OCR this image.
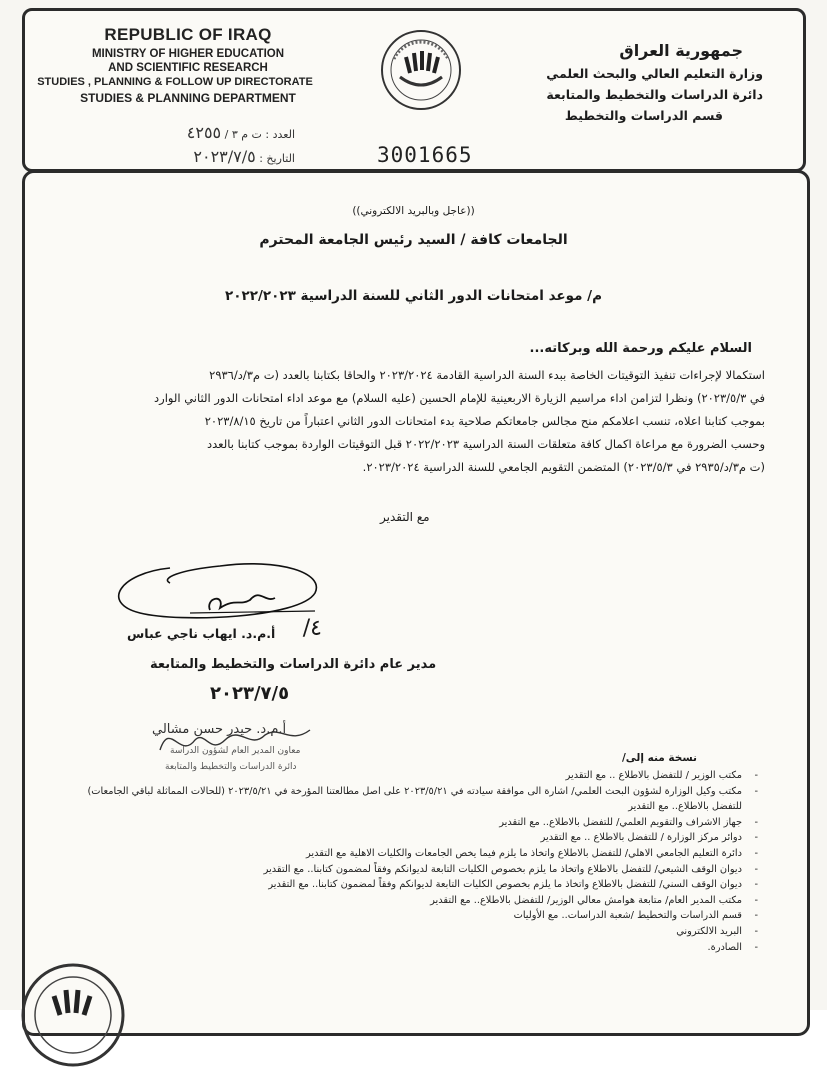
REPUBLIC OF IRAQ
MINISTRY OF HIGHER EDUCATION
AND SCIENTIFIC RESEARCH
STUDIES , PLANNING & FOLLOW UP DIRECTORATE
STUDIES & PLANNING DEPARTMENT
العدد : ت م ٣ / ٤٢٥٥
التاريخ : ٢٠٢٣/٧/٥	3001665
جمهورية العراق
وزارة التعليم العالي والبحث العلمي
دائرة الدراسات والتخطيط والمتابعة
قسم الدراسات والتخطيط
((عاجل وبالبريد الالكتروني))
الجامعات كافة / السيد رئيس الجامعة المحترم
م/ موعد امتحانات الدور الثاني للسنة الدراسية ٢٠٢٢/٢٠٢٣
السلام عليكم ورحمة الله وبركاته...
استكمالا لإجراءات تنفيذ التوقيتات الخاصة ببدء السنة الدراسية القادمة ٢٠٢٣/٢٠٢٤ والحاقا بكتابنا بالعدد (ت م٣/د/٢٩٣٦
في ٢٠٢٣/٥/٣) ونظرا لتزامن اداء مراسيم الزيارة الاربعينية للإمام الحسين (عليه السلام) مع موعد اداء امتحانات الدور الثاني الوارد
بموجب كتابنا اعلاه، تنسب اعلامكم منح مجالس جامعاتكم صلاحية بدء امتحانات الدور الثاني اعتباراً من تاريخ ٢٠٢٣/٨/١٥
وحسب الضرورة مع مراعاة اكمال كافة متعلقات السنة الدراسية ٢٠٢٢/٢٠٢٣ قبل التوقيتات الواردة بموجب كتابنا بالعدد
(ت م٣/د/٢٩٣٥ في ٢٠٢٣/٥/٣) المتضمن التقويم الجامعي للسنة الدراسية ٢٠٢٣/٢٠٢٤.
مع التقدير
٤/
أ.م.د. ايهاب ناجي عباس
مدير عام دائرة الدراسات والتخطيط والمتابعة
٢٠٢٣/٧/٥
أ.م.د. حيدر حسن مشالي
معاون المدير العام لشؤون الدراسة
دائرة الدراسات والتخطيط والمتابعة
نسخة منه إلى/
- مكتب الوزير / للتفضل بالاطلاع .. مع التقدير
- مكتب وكيل الوزارة لشؤون البحث العلمي/ اشارة الى موافقة سيادته في ٢٠٢٣/٥/٢١ على اصل مطالعتنا المؤرخة في ٢٠٢٣/٥/٢١ (للحالات المماثلة لباقي الجامعات) للتفضل بالاطلاع.. مع التقدير
- جهاز الاشراف والتقويم العلمي/ للتفضل بالاطلاع.. مع التقدير
- دوائر مركز الوزارة / للتفضل بالاطلاع .. مع التقدير
- دائرة التعليم الجامعي الاهلي/ للتفضل بالاطلاع واتخاذ ما يلزم فيما يخص الجامعات والكليات الاهلية مع التقدير
- ديوان الوقف الشيعي/ للتفضل بالاطلاع واتخاذ ما يلزم بخصوص الكليات التابعة لديوانكم وفقاً لمضمون كتابنا.. مع التقدير
- ديوان الوقف السني/ للتفضل بالاطلاع واتخاذ ما يلزم بخصوص الكليات التابعة لديوانكم وفقاً لمضمون كتابنا.. مع التقدير
- مكتب المدير العام/ متابعة هوامش معالي الوزير/ للتفضل بالاطلاع.. مع التقدير
- قسم الدراسات والتخطيط /شعبة الدراسات.. مع الأوليات
- البريد الالكتروني
- الصادرة.
